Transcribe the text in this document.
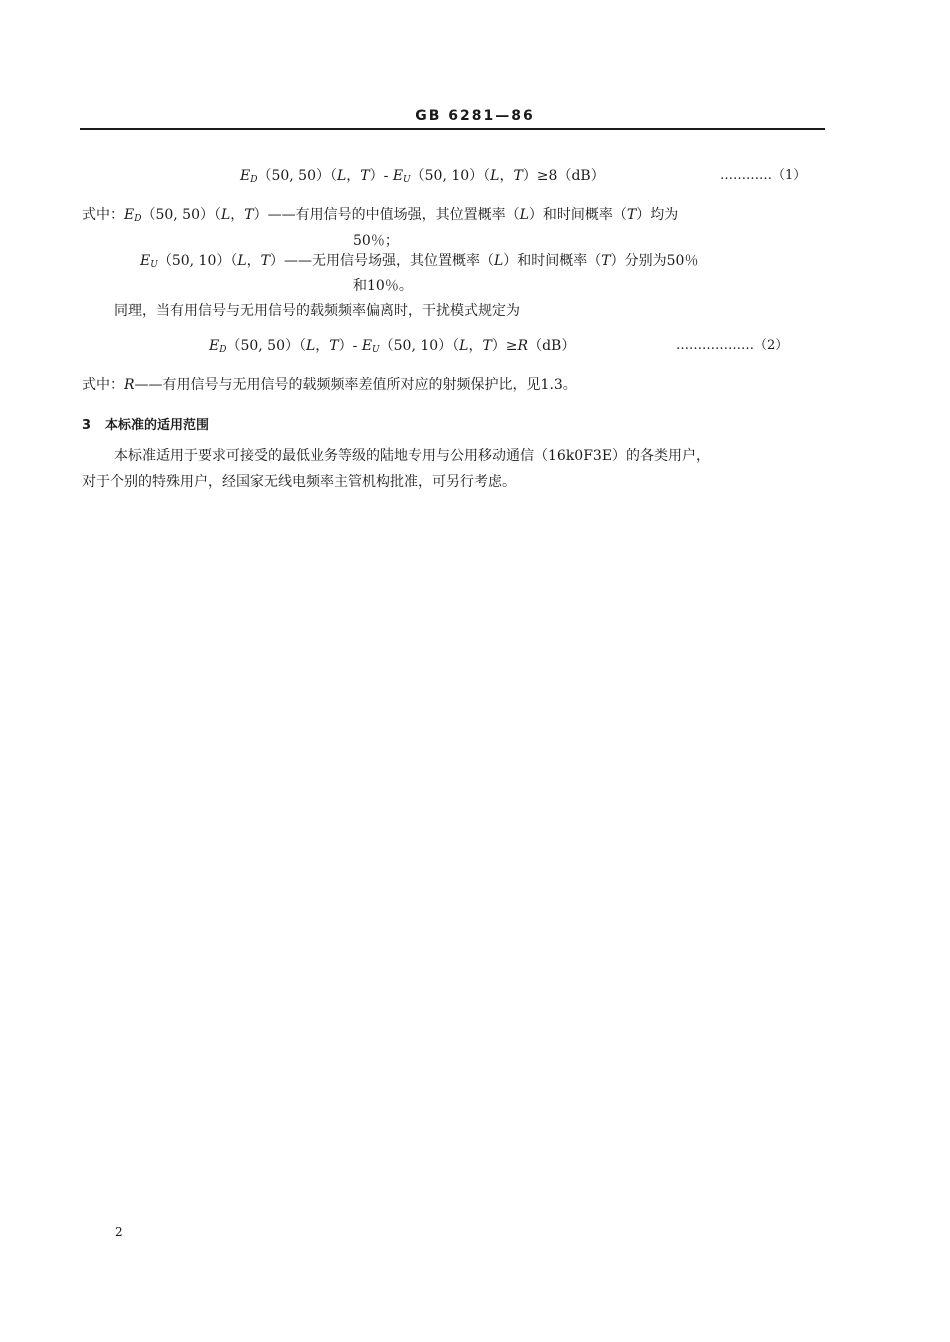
GB 6281—86
$E_D(50$, 50）（L，T）- $E_U(50$, 10）（L，T）≥8（dB）	…………（1）
式中：$E_D(50$, 50）（L，T）——有用信号的中值场强，其位置概率（L）和时间概率（T）均为
50％；
$E_U(50$, 10）（L，T）——无用信号场强，其位置概率（L）和时间概率（T）分别为50％
和10％。
同理，当有用信号与无用信号的载频频率偏离时，干扰模式规定为
$E_D(50$, 50）（L，T）- $E_U(50$, 10）（L，T）≥R（dB）	………………（2）
式中：R——有用信号与无用信号的载频频率差值所对应的射频保护比，见1.3。
3 本标准的适用范围
本标准适用于要求可接受的最低业务等级的陆地专用与公用移动通信（16k0F3E）的各类用户，
对于个别的特殊用户，经国家无线电频率主管机构批准，可另行考虑。
2
